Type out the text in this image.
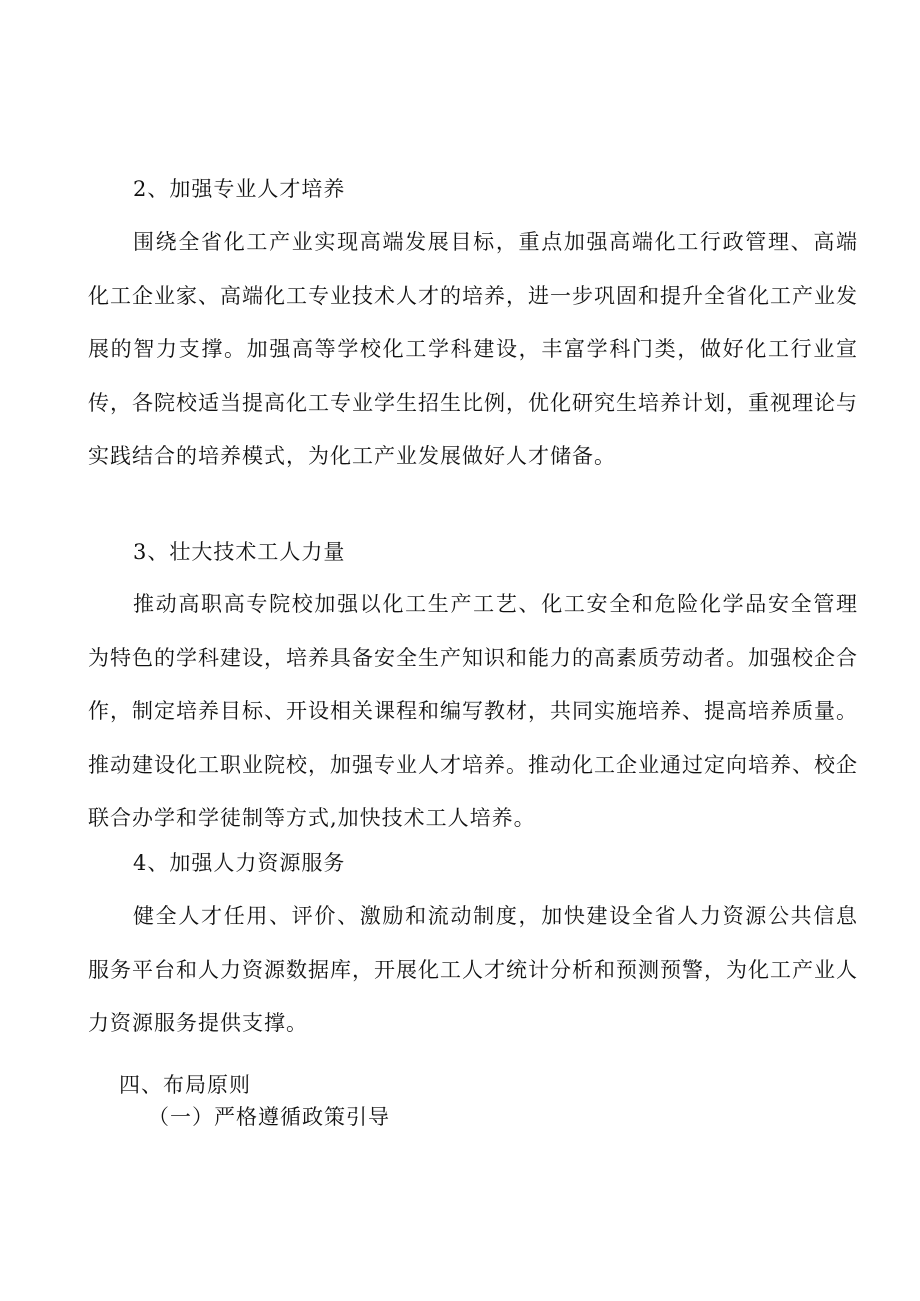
2、加强专业人才培养

围绕全省化工产业实现高端发展目标，重点加强高端化工行政管理、高端化工企业家、高端化工专业技术人才的培养，进一步巩固和提升全省化工产业发展的智力支撑。加强高等学校化工学科建设，丰富学科门类，做好化工行业宣传，各院校适当提高化工专业学生招生比例，优化研究生培养计划，重视理论与实践结合的培养模式，为化工产业发展做好人才储备。

3、壮大技术工人力量

推动高职高专院校加强以化工生产工艺、化工安全和危险化学品安全管理为特色的学科建设，培养具备安全生产知识和能力的高素质劳动者。加强校企合作，制定培养目标、开设相关课程和编写教材，共同实施培养、提高培养质量。推动建设化工职业院校，加强专业人才培养。推动化工企业通过定向培养、校企联合办学和学徒制等方式,加快技术工人培养。

4、加强人力资源服务

健全人才任用、评价、激励和流动制度，加快建设全省人力资源公共信息服务平台和人力资源数据库，开展化工人才统计分析和预测预警，为化工产业人力资源服务提供支撑。

四、布局原则
（一）严格遵循政策引导
